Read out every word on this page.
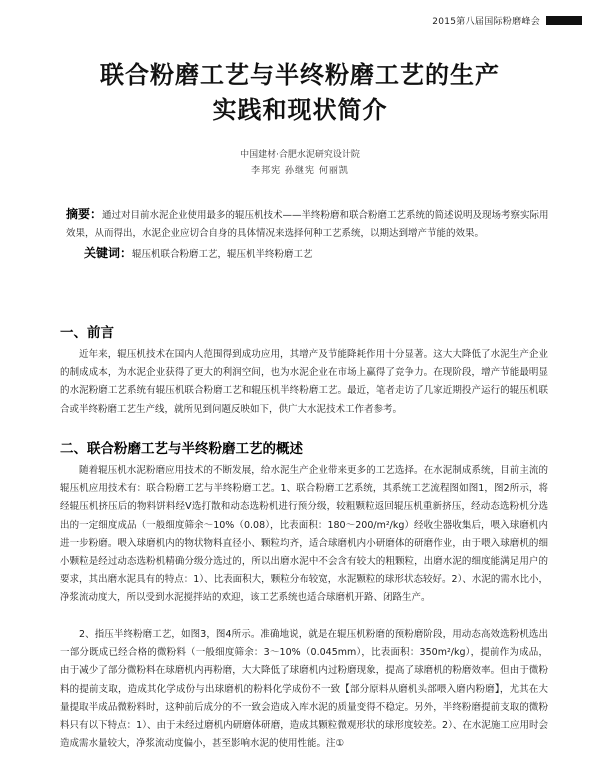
2015第八届国际粉磨峰会
联合粉磨工艺与半终粉磨工艺的生产
实践和现状简介
中国建材·合肥水泥研究设计院
李邦宪 孙继宪 何丽凯
摘要：通过对目前水泥企业使用最多的辊压机技术——半终粉磨和联合粉磨工艺系统的简述说明及现场考察实际用效果，从而得出，水泥企业应切合自身的具体情况来选择何种工艺系统，以期达到增产节能的效果。
关键词：辊压机联合粉磨工艺，辊压机半终粉磨工艺
一、前言

近年来，辊压机技术在国内人范围得到成功应用，其增产及节能降耗作用十分显著。这大大降低了水泥生产企业的制成成本，为水泥企业获得了更大的利润空间，也为水泥企业在市场上赢得了竞争力。在现阶段，增产节能最明显的水泥粉磨工艺系统有辊压机联合粉磨工艺和辊压机半终粉磨工艺。最近，笔者走访了几家近期投产运行的辊压机联合或半终粉磨工艺生产线，就所见到问题反映如下，供广大水泥技术工作者参考。

二、联合粉磨工艺与半终粉磨工艺的概述

随着辊压机水泥粉磨应用技术的不断发展，给水泥生产企业带来更多的工艺选择。在水泥制成系统，目前主流的辊压机应用技术有：联合粉磨工艺与半终粉磨工艺。1、联合粉磨工艺系统，其系统工艺流程图如图1，图2所示，将经辊压机挤压后的物料饼料经V选打散和动态选粉机进行预分级，较粗颗粒返回辊压机重新挤压，经动态选粉机分选出的一定细度成品（一般细度筛余～10%（0.08），比表面积：180～200/m²/kg）经收尘器收集后，喂入球磨机内进一步粉磨。喂入球磨机内的物状物料直径小、颗粒均齐，适合球磨机内小研磨体的研磨作业，由于喂入球磨机的细小颗粒是经过动态选粉机精确分级分选过的，所以出磨水泥中不会含有较大的粗颗粒，出磨水泥的细度能满足用户的要求，其出磨水泥具有的特点：1）、比表面积大，颗粒分布较宽，水泥颗粒的球形状态较好。2）、水泥的需水比小，净浆流动度大，所以受到水泥搅拌站的欢迎，该工艺系统也适合球磨机开路、闭路生产。

2、指压半终粉磨工艺，如图3，图4所示。准确地说，就是在辊压机粉磨的预粉磨阶段，用动态高效选粉机选出一部分既成已经合格的微粉料（一般细度筛余：3～10%（0.045mm），比表面积：350m²/kg），提前作为成品，由于减少了部分微粉料在球磨机内再粉磨，大大降低了球磨机内过粉磨现象，提高了球磨机的粉磨效率。但由于微粉料的提前支取，造成其化学成份与出球磨机的粉料化学成份不一致【部分原料从磨机头部喂入磨内粉磨】，尤其在大量提取半成品微粉料时，这种前后成分的不一致会造成入库水泥的质量变得不稳定。另外，半终粉磨提前支取的微粉料只有以下特点：1）、由于未经过磨机内研磨体研磨，造成其颗粒微观形状的球形度较差。2）、在水泥施工应用时会造成需水量较大，净浆流动度偏小，甚至影响水泥的使用性能。注①
